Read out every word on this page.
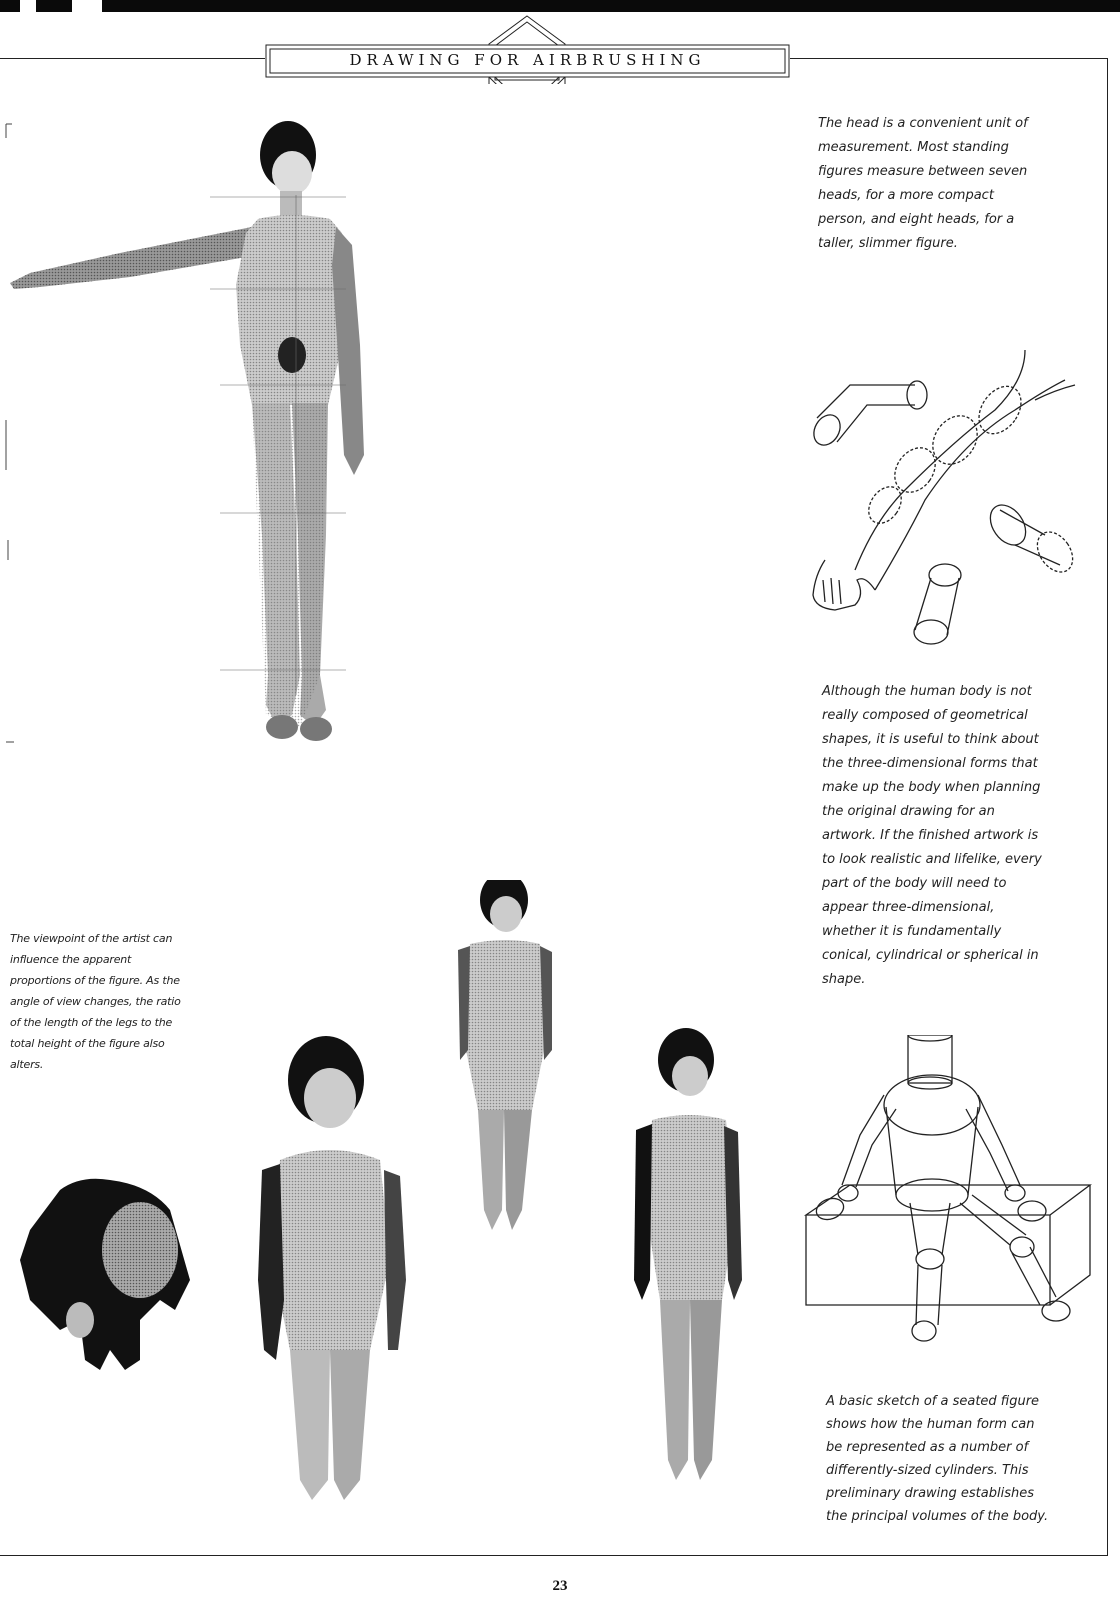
DRAWING FOR AIRBRUSHING
The head is a convenient unit of
measurement. Most standing
figures measure between seven
heads, for a more compact
person, and eight heads, for a
taller, slimmer figure.
Although the human body is not
really composed of geometrical
shapes, it is useful to think about
the three-dimensional forms that
make up the body when planning
the original drawing for an
artwork. If the finished artwork is
to look realistic and lifelike, every
part of the body will need to
appear three-dimensional,
whether it is fundamentally
conical, cylindrical or spherical in
shape.
The viewpoint of the artist can
influence the apparent
proportions of the figure. As the
angle of view changes, the ratio
of the length of the legs to the
total height of the figure also
alters.
A basic sketch of a seated figure
shows how the human form can
be represented as a number of
differently-sized cylinders. This
preliminary drawing establishes
the principal volumes of the body.
23
